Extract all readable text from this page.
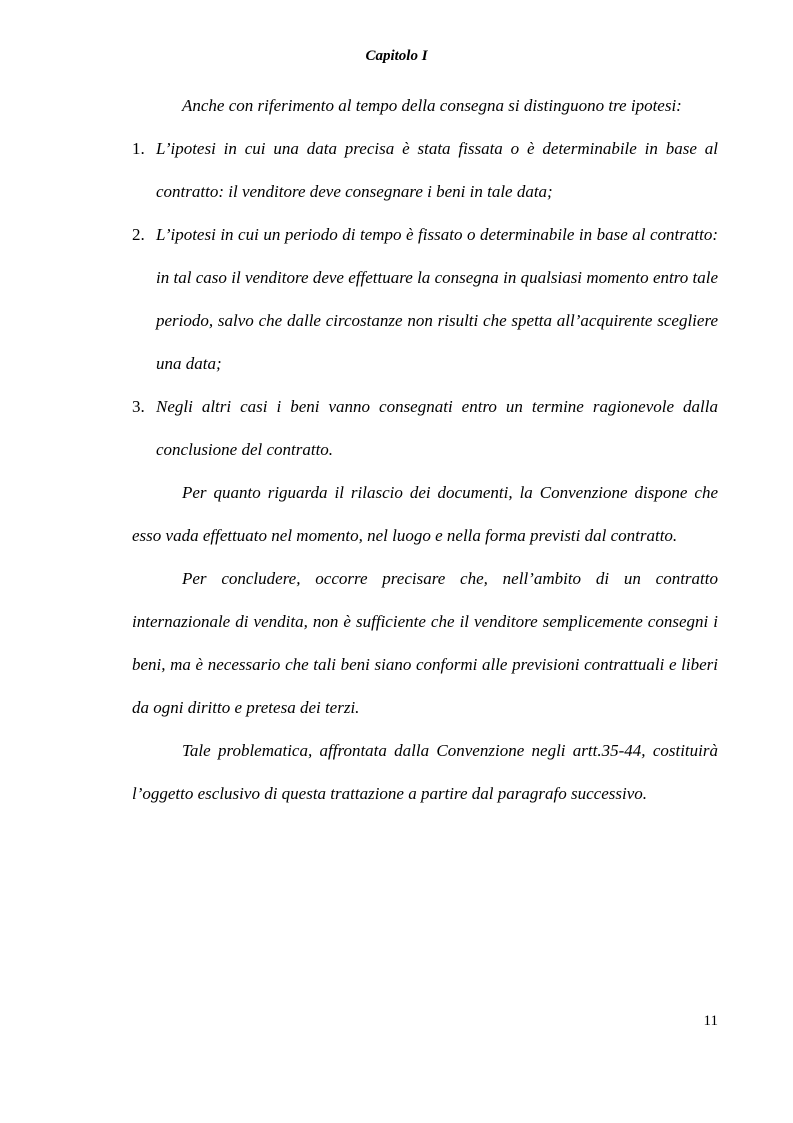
Capitolo I

Anche con riferimento al tempo della consegna si distinguono tre ipotesi:

1. L’ipotesi in cui una data precisa è stata fissata o è determinabile in base al contratto: il venditore deve consegnare i beni in tale data;
2. L’ipotesi in cui un periodo di tempo è fissato o determinabile in base al contratto: in tal caso il venditore deve effettuare la consegna in qualsiasi momento entro tale periodo, salvo che dalle circostanze non risulti che spetta all’acquirente scegliere una data;
3. Negli altri casi i beni vanno consegnati entro un termine ragionevole dalla conclusione del contratto.

Per quanto riguarda il rilascio dei documenti, la Convenzione dispone che esso vada effettuato nel momento, nel luogo e nella forma previsti dal contratto.

Per concludere, occorre precisare che, nell’ambito di un contratto internazionale di vendita, non è sufficiente che il venditore semplicemente consegni i beni, ma è necessario che tali beni siano conformi alle previsioni contrattuali e liberi da ogni diritto e pretesa dei terzi.

Tale problematica, affrontata dalla Convenzione negli artt.35-44, costituirà l’oggetto esclusivo di questa trattazione a partire dal paragrafo successivo.

11
